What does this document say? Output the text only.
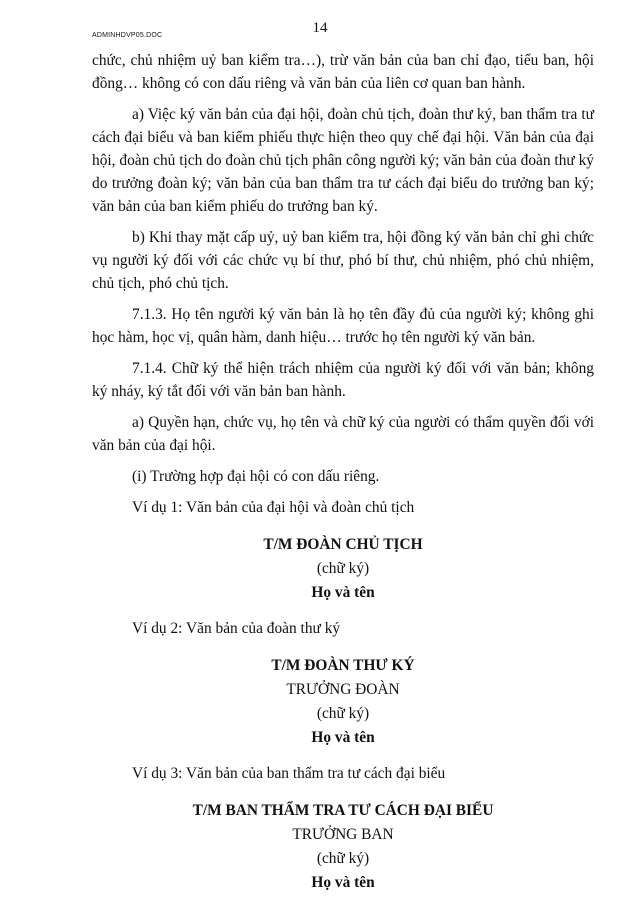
ADMINHDVP05.DOC	14

chức, chủ nhiệm uỷ ban kiểm tra…), trừ văn bản của ban chỉ đạo, tiểu ban, hội đồng… không có con dấu riêng và văn bản của liên cơ quan ban hành.

a) Việc ký văn bản của đại hội, đoàn chủ tịch, đoàn thư ký, ban thẩm tra tư cách đại biểu và ban kiểm phiếu thực hiện theo quy chế đại hội. Văn bản của đại hội, đoàn chủ tịch do đoàn chủ tịch phân công người ký; văn bản của đoàn thư ký do trưởng đoàn ký; văn bản của ban thẩm tra tư cách đại biểu do trưởng ban ký; văn bản của ban kiểm phiếu do trưởng ban ký.

b) Khi thay mặt cấp uỷ, uỷ ban kiểm tra, hội đồng ký văn bản chỉ ghi chức vụ người ký đối với các chức vụ bí thư, phó bí thư, chủ nhiệm, phó chủ nhiệm, chủ tịch, phó chủ tịch.

7.1.3. Họ tên người ký văn bản là họ tên đầy đủ của người ký; không ghi học hàm, học vị, quân hàm, danh hiệu… trước họ tên người ký văn bản.

7.1.4. Chữ ký thể hiện trách nhiệm của người ký đối với văn bản; không ký nháy, ký tắt đối với văn bản ban hành.

a) Quyền hạn, chức vụ, họ tên và chữ ký của người có thẩm quyền đối với văn bản của đại hội.

(i) Trường hợp đại hội có con dấu riêng.

Ví dụ 1: Văn bản của đại hội và đoàn chủ tịch

T/M ĐOÀN CHỦ TỊCH
(chữ ký)
Họ và tên

Ví dụ 2: Văn bản của đoàn thư ký

T/M ĐOÀN THƯ KÝ
TRƯỞNG ĐOÀN
(chữ ký)
Họ và tên

Ví dụ 3: Văn bản của ban thẩm tra tư cách đại biểu

T/M BAN THẨM TRA TƯ CÁCH ĐẠI BIỂU
TRƯỞNG BAN
(chữ ký)
Họ và tên
